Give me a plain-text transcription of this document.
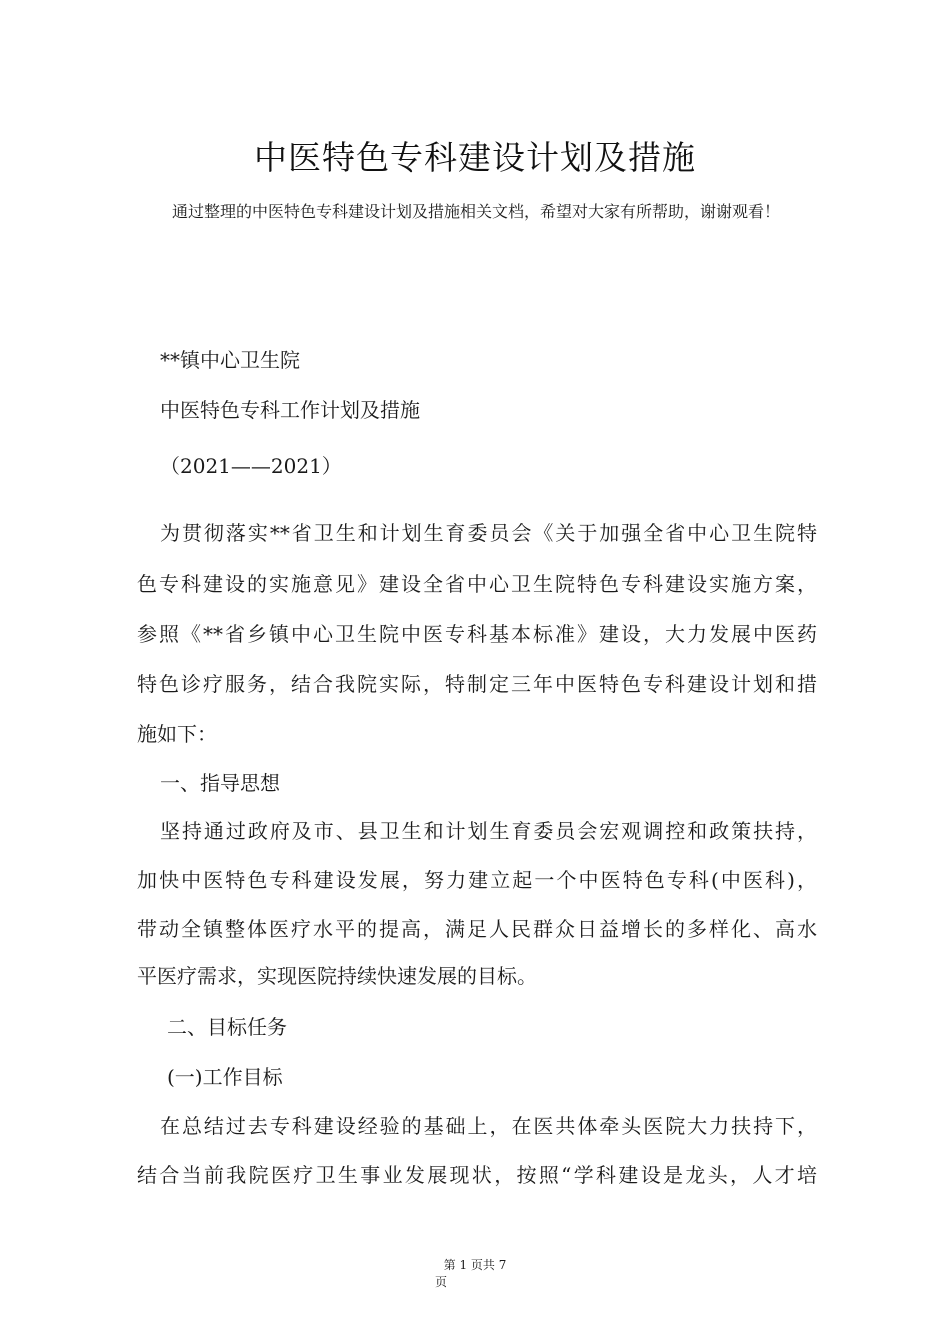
中医特色专科建设计划及措施
通过整理的中医特色专科建设计划及措施相关文档，希望对大家有所帮助，谢谢观看！
**镇中心卫生院
中医特色专科工作计划及措施
（2021——2021）
为贯彻落实**省卫生和计划生育委员会《关于加强全省中心卫生院特
色专科建设的实施意见》建设全省中心卫生院特色专科建设实施方案，
参照《**省乡镇中心卫生院中医专科基本标准》建设，大力发展中医药
特色诊疗服务，结合我院实际，特制定三年中医特色专科建设计划和措
施如下：
一、指导思想
坚持通过政府及市、县卫生和计划生育委员会宏观调控和政策扶持，
加快中医特色专科建设发展，努力建立起一个中医特色专科(中医科)，
带动全镇整体医疗水平的提高，满足人民群众日益增长的多样化、高水
平医疗需求，实现医院持续快速发展的目标。
二、目标任务
(一)工作目标
在总结过去专科建设经验的基础上，在医共体牵头医院大力扶持下，
结合当前我院医疗卫生事业发展现状，按照“学科建设是龙头，人才培
第 1 页共 7
页
